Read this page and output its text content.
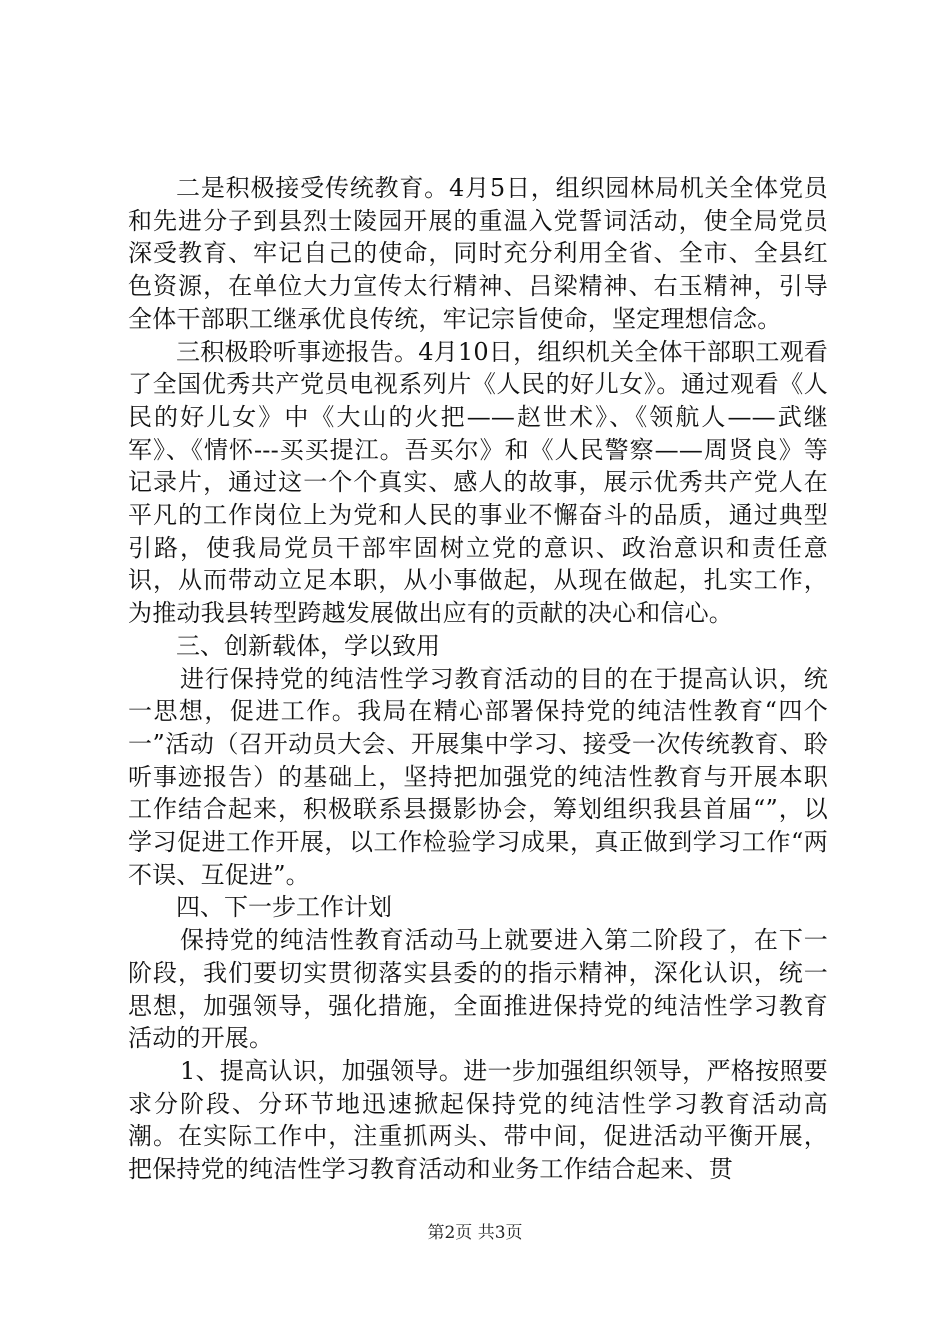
二是积极接受传统教育。4月5日，组织园林局机关全体党员和先进分子到县烈士陵园开展的重温入党誓词活动，使全局党员深受教育、牢记自己的使命，同时充分利用全省、全市、全县红色资源，在单位大力宣传太行精神、吕梁精神、右玉精神，引导全体干部职工继承优良传统，牢记宗旨使命，坚定理想信念。

三积极聆听事迹报告。4月10日，组织机关全体干部职工观看了全国优秀共产党员电视系列片《人民的好儿女》。通过观看《人民的好儿女》中《大山的火把——赵世术》、《领航人——武继军》、《情怀---买买提江。吾买尔》和《人民警察——周贤良》等记录片，通过这一个个真实、感人的故事，展示优秀共产党人在平凡的工作岗位上为党和人民的事业不懈奋斗的品质，通过典型引路，使我局党员干部牢固树立党的意识、政治意识和责任意识，从而带动立足本职，从小事做起，从现在做起，扎实工作，为推动我县转型跨越发展做出应有的贡献的决心和信心。

三、创新载体，学以致用

进行保持党的纯洁性学习教育活动的目的在于提高认识，统一思想，促进工作。我局在精心部署保持党的纯洁性教育“四个一”活动（召开动员大会、开展集中学习、接受一次传统教育、聆听事迹报告）的基础上，坚持把加强党的纯洁性教育与开展本职工作结合起来，积极联系县摄影协会，筹划组织我县首届“”，以学习促进工作开展，以工作检验学习成果，真正做到学习工作“两不误、互促进”。

四、下一步工作计划

保持党的纯洁性教育活动马上就要进入第二阶段了，在下一阶段，我们要切实贯彻落实县委的的指示精神，深化认识，统一思想，加强领导，强化措施，全面推进保持党的纯洁性学习教育活动的开展。

1、提高认识，加强领导。进一步加强组织领导，严格按照要求分阶段、分环节地迅速掀起保持党的纯洁性学习教育活动高潮。在实际工作中，注重抓两头、带中间，促进活动平衡开展，把保持党的纯洁性学习教育活动和业务工作结合起来、贯

第2页 共3页
